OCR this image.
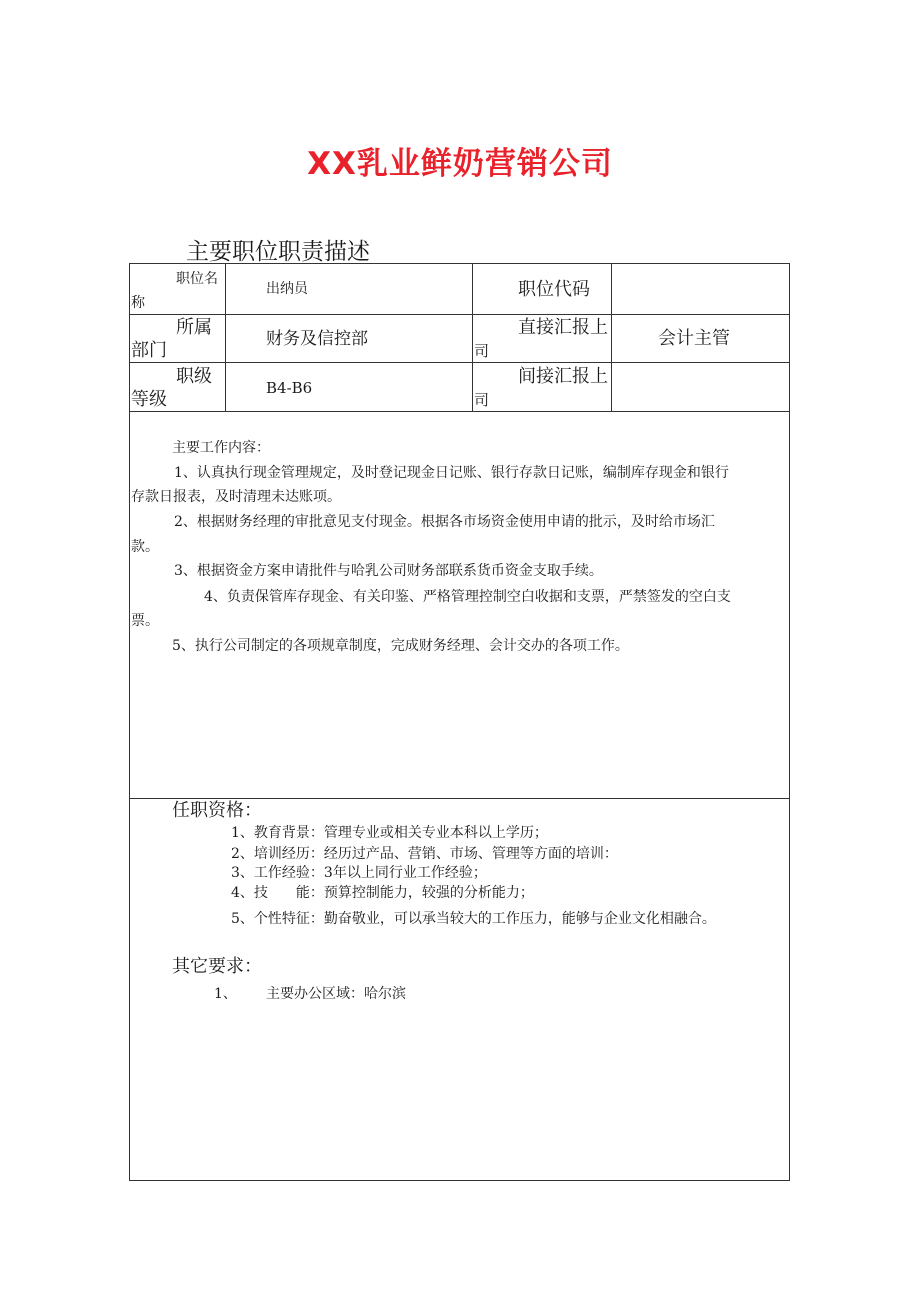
XX乳业鲜奶营销公司
主要职位职责描述
职位名
称
出纳员	职位代码
所属
部门
财务及信控部
直接汇报上
司
会计主管
职级
等级
B4-B6
间接汇报上
司
主要工作内容：
1、认真执行现金管理规定，及时登记现金日记账、银行存款日记账，编制库存现金和银行
存款日报表，及时清理未达账项。
2、根据财务经理的审批意见支付现金。根据各市场资金使用申请的批示，及时给市场汇
款。
3、根据资金方案申请批件与哈乳公司财务部联系货币资金支取手续。
4、负责保管库存现金、有关印鉴、严格管理控制空白收据和支票，严禁签发的空白支
票。
5、执行公司制定的各项规章制度，完成财务经理、会计交办的各项工作。
任职资格：
1、教育背景：管理专业或相关专业本科以上学历；
2、培训经历：经历过产品、营销、市场、管理等方面的培训：
3、工作经验：3年以上同行业工作经验；
4、技　　能：预算控制能力，较强的分析能力；
5、个性特征：勤奋敬业，可以承当较大的工作压力，能够与企业文化相融合。
其它要求：
1、 主要办公区域：哈尔滨
